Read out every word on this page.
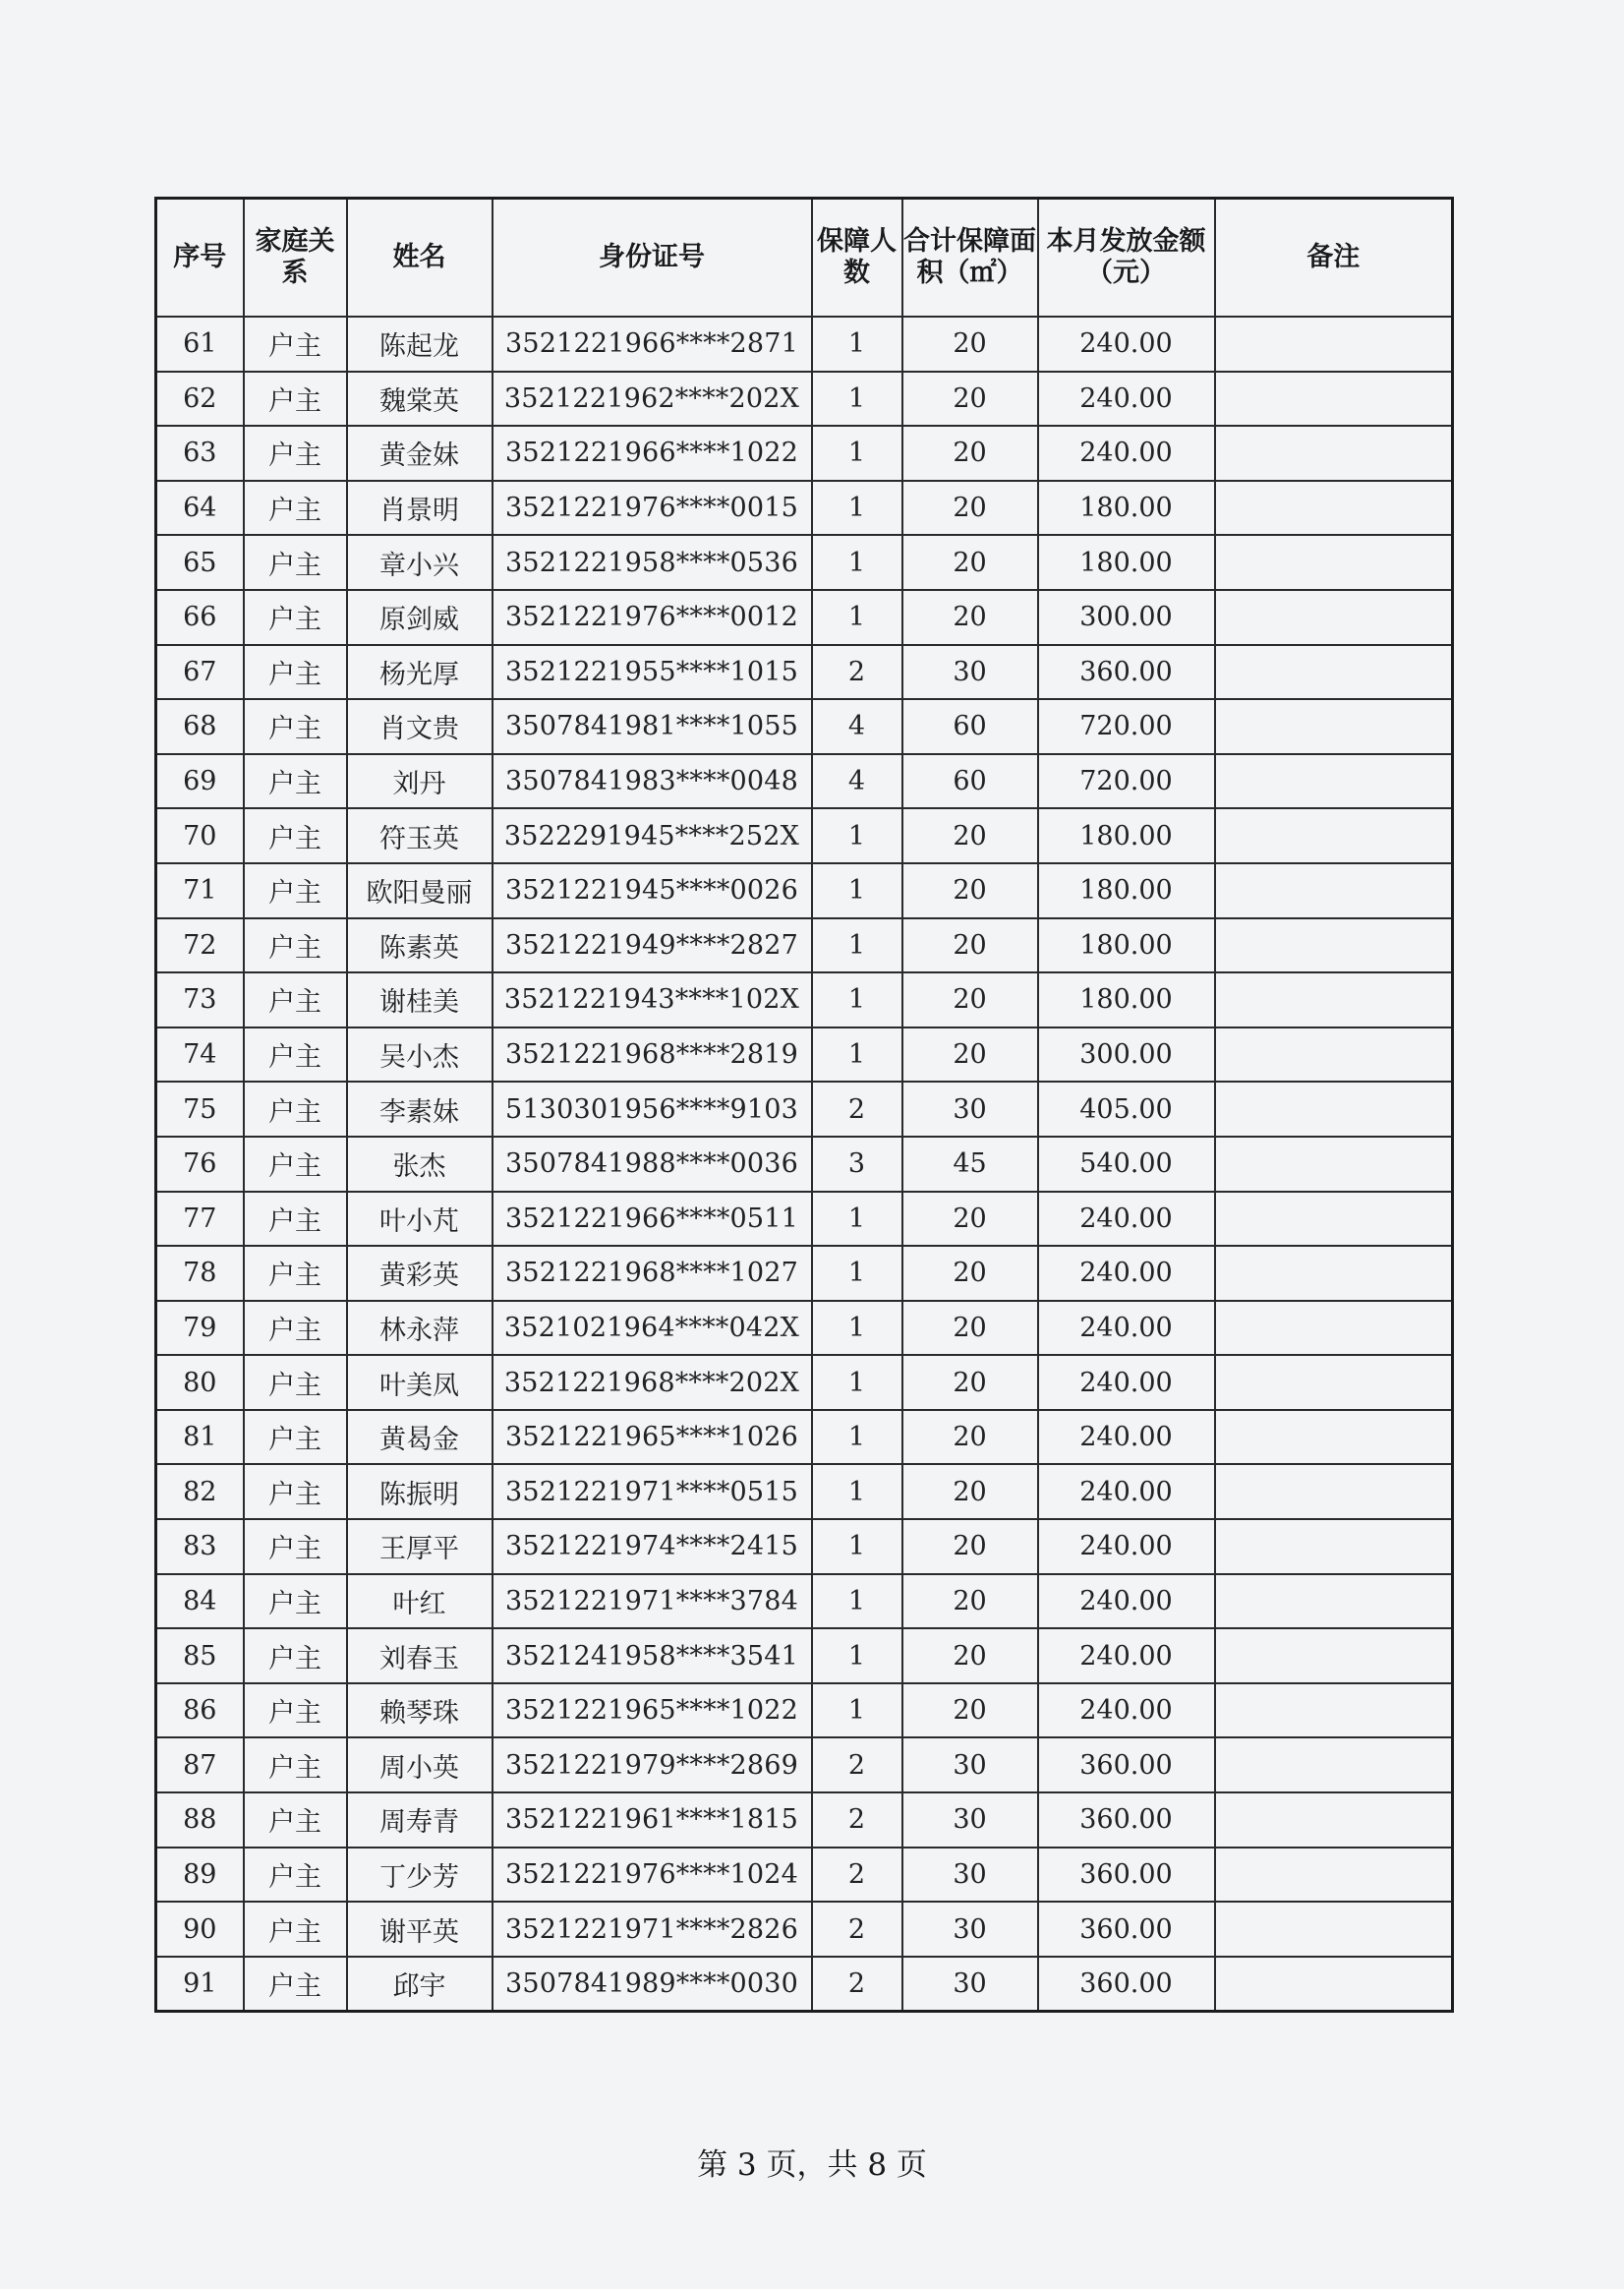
序号	家庭关系	姓名	身份证号	保障人数	合计保障面积（㎡）	本月发放金额（元）	备注
61	户主	陈起龙	3521221966****2871	1	20	240.00	
62	户主	魏棠英	3521221962****202X	1	20	240.00	
63	户主	黄金妹	3521221966****1022	1	20	240.00	
64	户主	肖景明	3521221976****0015	1	20	180.00	
65	户主	章小兴	3521221958****0536	1	20	180.00	
66	户主	原剑威	3521221976****0012	1	20	300.00	
67	户主	杨光厚	3521221955****1015	2	30	360.00	
68	户主	肖文贵	3507841981****1055	4	60	720.00	
69	户主	刘丹	3507841983****0048	4	60	720.00	
70	户主	符玉英	3522291945****252X	1	20	180.00	
71	户主	欧阳曼丽	3521221945****0026	1	20	180.00	
72	户主	陈素英	3521221949****2827	1	20	180.00	
73	户主	谢桂美	3521221943****102X	1	20	180.00	
74	户主	吴小杰	3521221968****2819	1	20	300.00	
75	户主	李素妹	5130301956****9103	2	30	405.00	
76	户主	张杰	3507841988****0036	3	45	540.00	
77	户主	叶小芃	3521221966****0511	1	20	240.00	
78	户主	黄彩英	3521221968****1027	1	20	240.00	
79	户主	林永萍	3521021964****042X	1	20	240.00	
80	户主	叶美凤	3521221968****202X	1	20	240.00	
81	户主	黄曷金	3521221965****1026	1	20	240.00	
82	户主	陈振明	3521221971****0515	1	20	240.00	
83	户主	王厚平	3521221974****2415	1	20	240.00	
84	户主	叶红	3521221971****3784	1	20	240.00	
85	户主	刘春玉	3521241958****3541	1	20	240.00	
86	户主	赖琴珠	3521221965****1022	1	20	240.00	
87	户主	周小英	3521221979****2869	2	30	360.00	
88	户主	周寿青	3521221961****1815	2	30	360.00	
89	户主	丁少芳	3521221976****1024	2	30	360.00	
90	户主	谢平英	3521221971****2826	2	30	360.00	
91	户主	邱宇	3507841989****0030	2	30	360.00	
第 3 页，共 8 页
